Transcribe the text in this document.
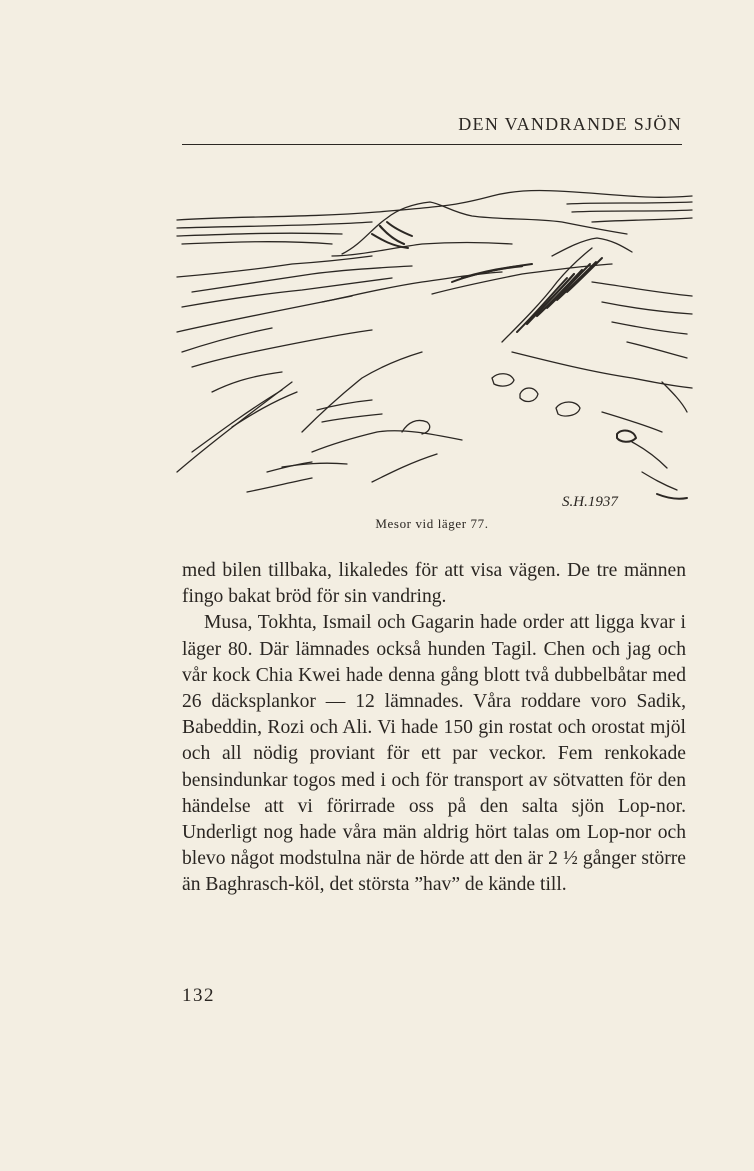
DEN VANDRANDE SJÖN
S.H.1937
Mesor vid läger 77.

med bilen tillbaka, likaledes för att visa vägen. De tre männen fingo bakat bröd för sin vandring.

Musa, Tokhta, Ismail och Gagarin hade order att ligga kvar i läger 80. Där lämnades också hunden Tagil. Chen och jag och vår kock Chia Kwei hade denna gång blott två dubbelbåtar med 26 däcksplankor — 12 lämnades. Våra roddare voro Sadik, Babeddin, Rozi och Ali. Vi hade 150 gin rostat och orostat mjöl och all nödig proviant för ett par veckor. Fem renkokade bensindunkar togos med i och för transport av sötvatten för den händelse att vi förirrade oss på den salta sjön Lop-nor. Underligt nog hade våra män aldrig hört talas om Lop-nor och blevo något modstulna när de hörde att den är 2 ½ gånger större än Baghrasch-köl, det största ”hav” de kände till.

132
